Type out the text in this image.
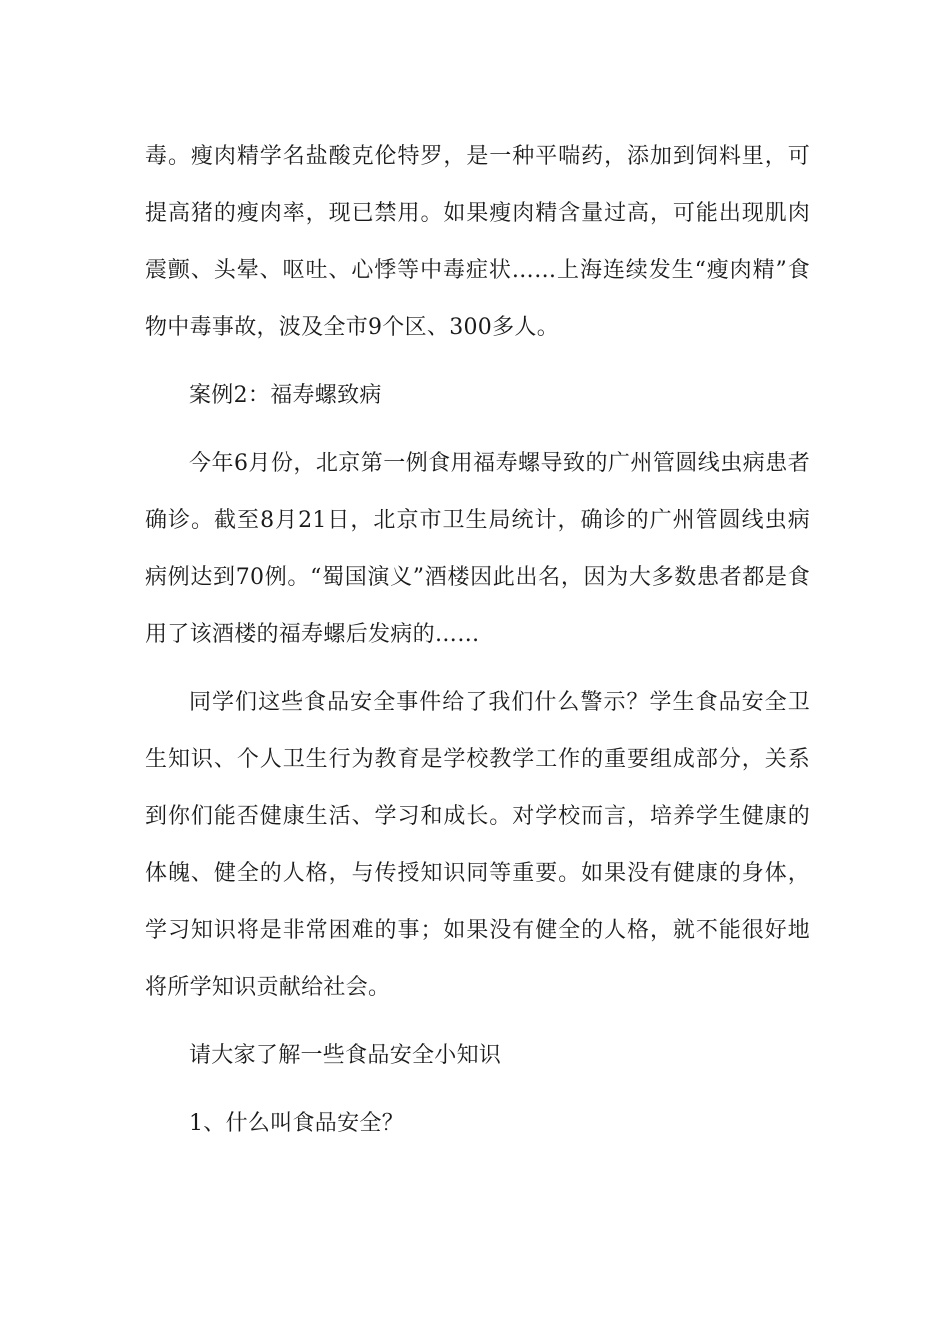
毒。瘦肉精学名盐酸克伦特罗，是一种平喘药，添加到饲料里，可提高猪的瘦肉率，现已禁用。如果瘦肉精含量过高，可能出现肌肉震颤、头晕、呕吐、心悸等中毒症状……上海连续发生“瘦肉精”食物中毒事故，波及全市9个区、300多人。

案例2：福寿螺致病

今年6月份，北京第一例食用福寿螺导致的广州管圆线虫病患者确诊。截至8月21日，北京市卫生局统计，确诊的广州管圆线虫病病例达到70例。“蜀国演义”酒楼因此出名，因为大多数患者都是食用了该酒楼的福寿螺后发病的……

同学们这些食品安全事件给了我们什么警示？学生食品安全卫生知识、个人卫生行为教育是学校教学工作的重要组成部分，关系到你们能否健康生活、学习和成长。对学校而言，培养学生健康的体魄、健全的人格，与传授知识同等重要。如果没有健康的身体，学习知识将是非常困难的事；如果没有健全的人格，就不能很好地将所学知识贡献给社会。

请大家了解一些食品安全小知识

1、什么叫食品安全？
